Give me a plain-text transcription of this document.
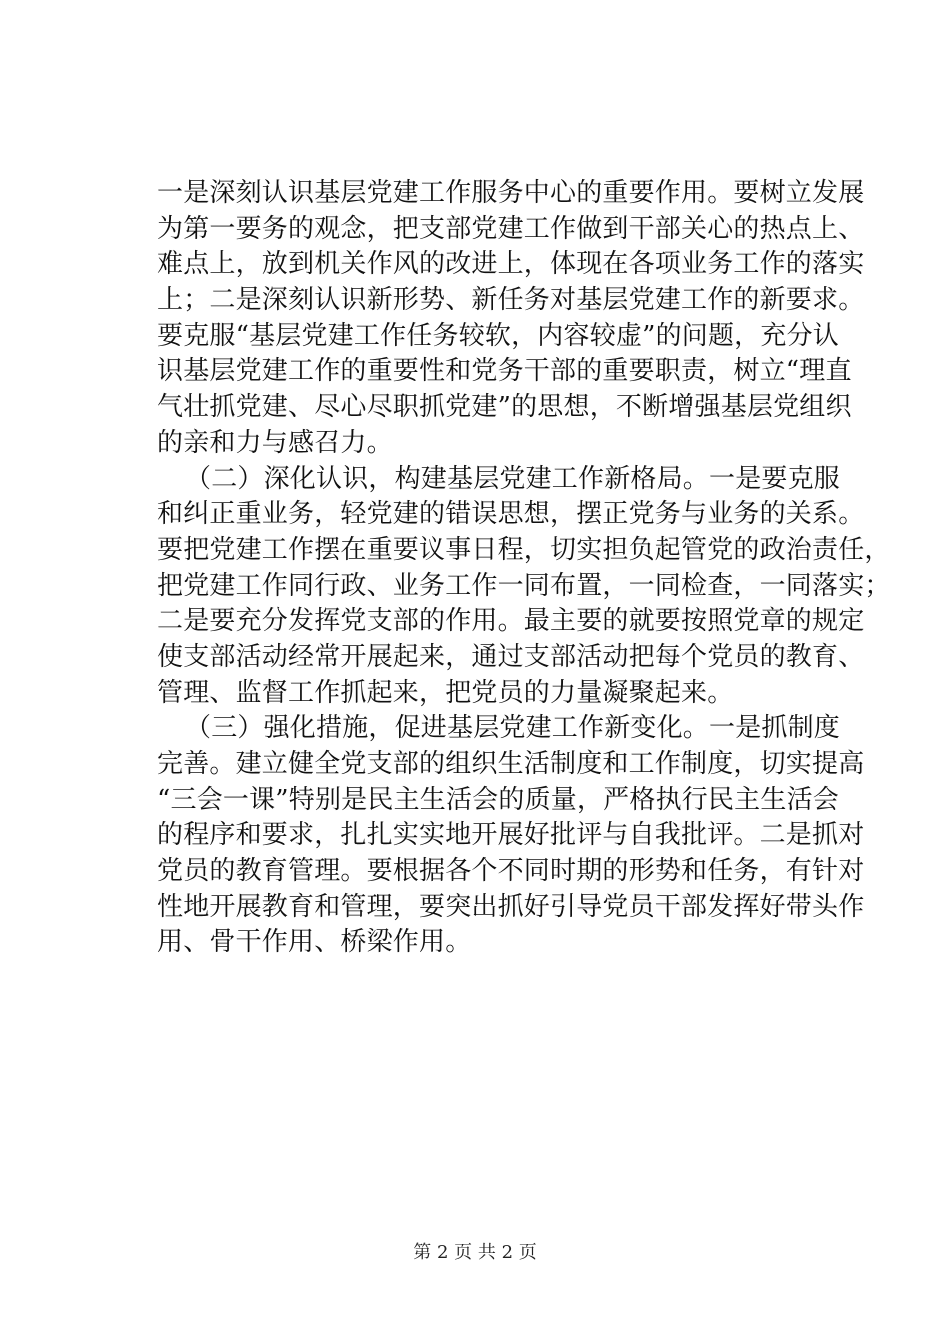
一是深刻认识基层党建工作服务中心的重要作用。要树立发展
为第一要务的观念，把支部党建工作做到干部关心的热点上、
难点上，放到机关作风的改进上，体现在各项业务工作的落实
上；二是深刻认识新形势、新任务对基层党建工作的新要求。
要克服“基层党建工作任务较软，内容较虚”的问题，充分认
识基层党建工作的重要性和党务干部的重要职责，树立“理直
气壮抓党建、尽心尽职抓党建”的思想，不断增强基层党组织
的亲和力与感召力。
（二）深化认识，构建基层党建工作新格局。一是要克服
和纠正重业务，轻党建的错误思想，摆正党务与业务的关系。
要把党建工作摆在重要议事日程，切实担负起管党的政治责任，
把党建工作同行政、业务工作一同布置，一同检查，一同落实；
二是要充分发挥党支部的作用。最主要的就要按照党章的规定
使支部活动经常开展起来，通过支部活动把每个党员的教育、
管理、监督工作抓起来，把党员的力量凝聚起来。
（三）强化措施，促进基层党建工作新变化。一是抓制度
完善。建立健全党支部的组织生活制度和工作制度，切实提高
“三会一课”特别是民主生活会的质量，严格执行民主生活会
的程序和要求，扎扎实实地开展好批评与自我批评。二是抓对
党员的教育管理。要根据各个不同时期的形势和任务，有针对
性地开展教育和管理，要突出抓好引导党员干部发挥好带头作
用、骨干作用、桥梁作用。
第 2 页 共 2 页
